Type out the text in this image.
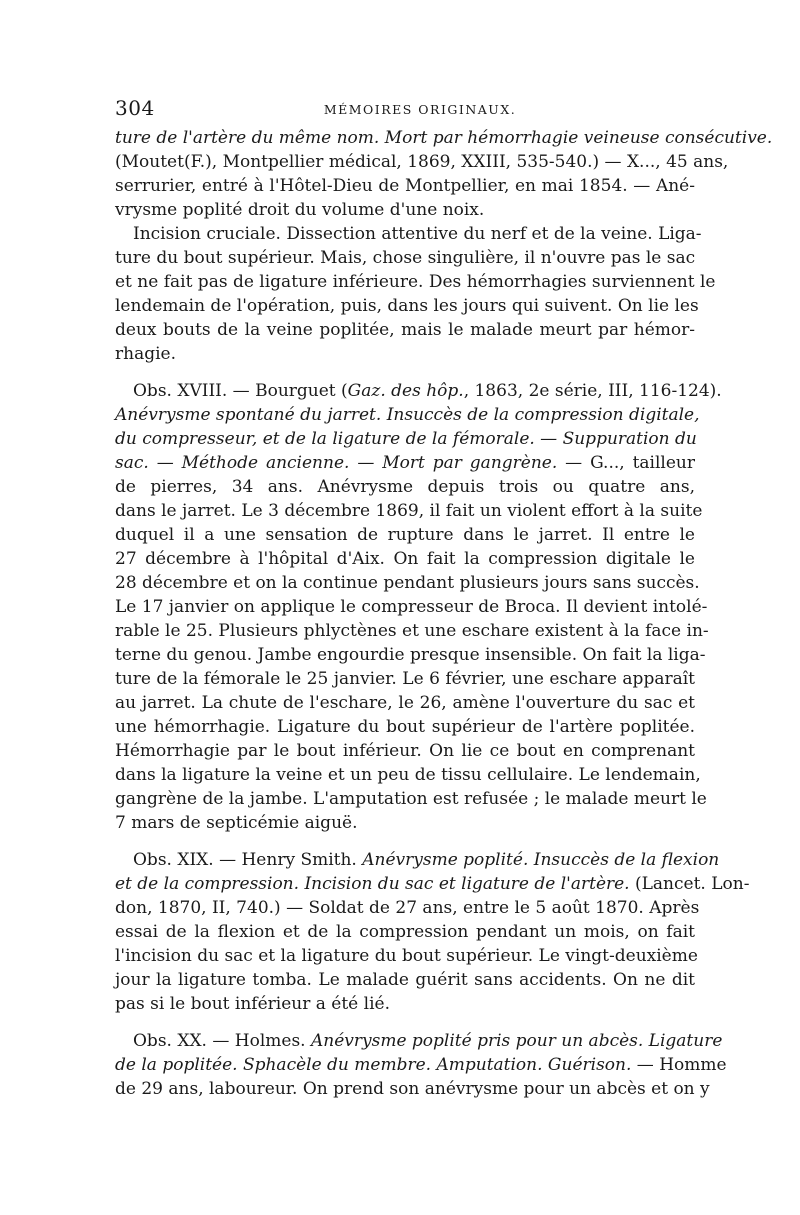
304	MÉMOIRES ORIGINAUX.
ture de l'artère du même nom. Mort par hémorrhagie veineuse consécutive.
(Moutet(F.), Montpellier médical, 1869, XXIII, 535-540.) — X..., 45 ans,
serrurier, entré à l'Hôtel-Dieu de Montpellier, en mai 1854. — Ané-
vrysme poplité droit du volume d'une noix.
Incision cruciale. Dissection attentive du nerf et de la veine. Liga-
ture du bout supérieur. Mais, chose singulière, il n'ouvre pas le sac
et ne fait pas de ligature inférieure. Des hémorrhagies surviennent le
lendemain de l'opération, puis, dans les jours qui suivent. On lie les
deux bouts de la veine poplitée, mais le malade meurt par hémor-
rhagie.
Obs. XVIII. — Bourguet (Gaz. des hôp., 1863, 2e série, III, 116-124).
Anévrysme spontané du jarret. Insuccès de la compression digitale,
du compresseur, et de la ligature de la fémorale. — Suppuration du
sac. — Méthode ancienne. — Mort par gangrène. — G..., tailleur
de pierres, 34 ans. Anévrysme depuis trois ou quatre ans,
dans le jarret. Le 3 décembre 1869, il fait un violent effort à la suite
duquel il a une sensation de rupture dans le jarret. Il entre le
27 décembre à l'hôpital d'Aix. On fait la compression digitale le
28 décembre et on la continue pendant plusieurs jours sans succès.
Le 17 janvier on applique le compresseur de Broca. Il devient intolé-
rable le 25. Plusieurs phlyctènes et une eschare existent à la face in-
terne du genou. Jambe engourdie presque insensible. On fait la liga-
ture de la fémorale le 25 janvier. Le 6 février, une eschare apparaît
au jarret. La chute de l'eschare, le 26, amène l'ouverture du sac et
une hémorrhagie. Ligature du bout supérieur de l'artère poplitée.
Hémorrhagie par le bout inférieur. On lie ce bout en comprenant
dans la ligature la veine et un peu de tissu cellulaire. Le lendemain,
gangrène de la jambe. L'amputation est refusée ; le malade meurt le
7 mars de septicémie aiguë.
Obs. XIX. — Henry Smith. Anévrysme poplité. Insuccès de la flexion
et de la compression. Incision du sac et ligature de l'artère. (Lancet. Lon-
don, 1870, II, 740.) — Soldat de 27 ans, entre le 5 août 1870. Après
essai de la flexion et de la compression pendant un mois, on fait
l'incision du sac et la ligature du bout supérieur. Le vingt-deuxième
jour la ligature tomba. Le malade guérit sans accidents. On ne dit
pas si le bout inférieur a été lié.
Obs. XX. — Holmes. Anévrysme poplité pris pour un abcès. Ligature
de la poplitée. Sphacèle du membre. Amputation. Guérison. — Homme
de 29 ans, laboureur. On prend son anévrysme pour un abcès et on y
